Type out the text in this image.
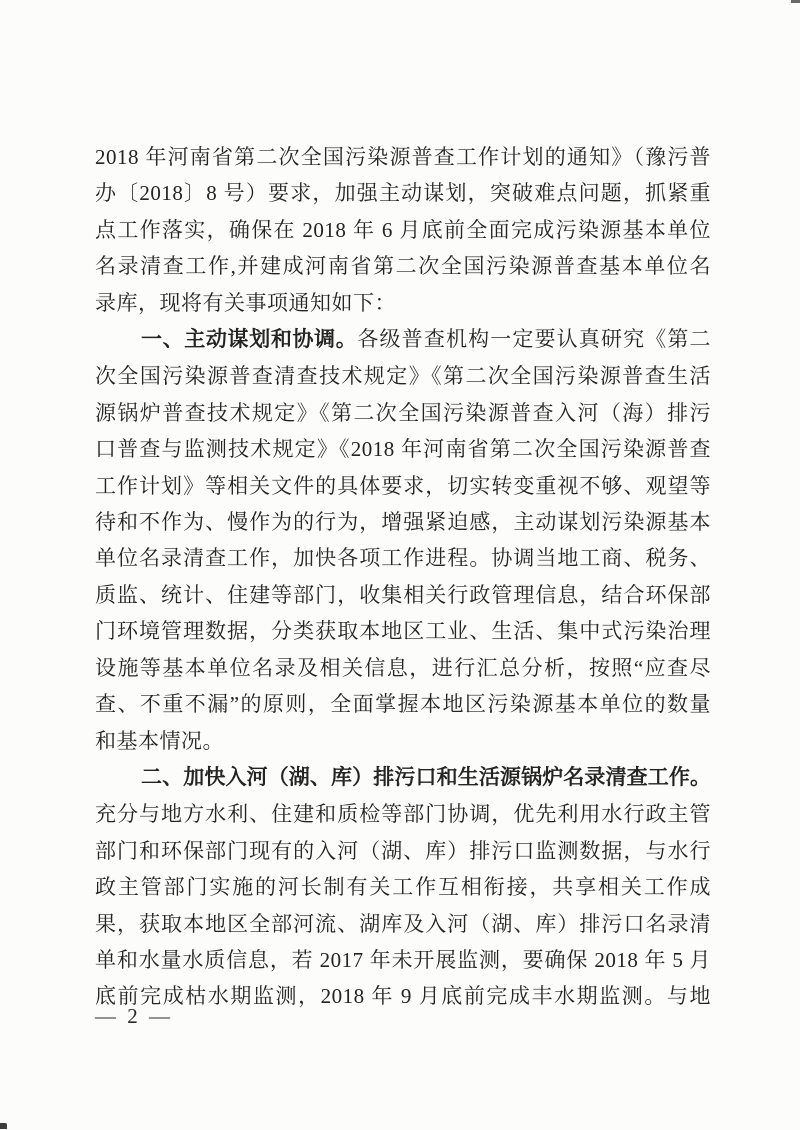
2018 年河南省第二次全国污染源普查工作计划的通知》（豫污普
办〔2018〕8 号）要求，加强主动谋划，突破难点问题，抓紧重
点工作落实，确保在 2018 年 6 月底前全面完成污染源基本单位
名录清查工作,并建成河南省第二次全国污染源普查基本单位名
录库，现将有关事项通知如下：
一、主动谋划和协调。各级普查机构一定要认真研究《第二
次全国污染源普查清查技术规定》《第二次全国污染源普查生活
源锅炉普查技术规定》《第二次全国污染源普查入河（海）排污
口普查与监测技术规定》《2018 年河南省第二次全国污染源普查
工作计划》等相关文件的具体要求，切实转变重视不够、观望等
待和不作为、慢作为的行为，增强紧迫感，主动谋划污染源基本
单位名录清查工作，加快各项工作进程。协调当地工商、税务、
质监、统计、住建等部门，收集相关行政管理信息，结合环保部
门环境管理数据，分类获取本地区工业、生活、集中式污染治理
设施等基本单位名录及相关信息，进行汇总分析，按照“应查尽
查、不重不漏”的原则，全面掌握本地区污染源基本单位的数量
和基本情况。
二、加快入河（湖、库）排污口和生活源锅炉名录清查工作。
充分与地方水利、住建和质检等部门协调，优先利用水行政主管
部门和环保部门现有的入河（湖、库）排污口监测数据，与水行
政主管部门实施的河长制有关工作互相衔接，共享相关工作成
果，获取本地区全部河流、湖库及入河（湖、库）排污口名录清
单和水量水质信息，若 2017 年未开展监测，要确保 2018 年 5 月
底前完成枯水期监测，2018 年 9 月底前完成丰水期监测。与地
— 2 —
